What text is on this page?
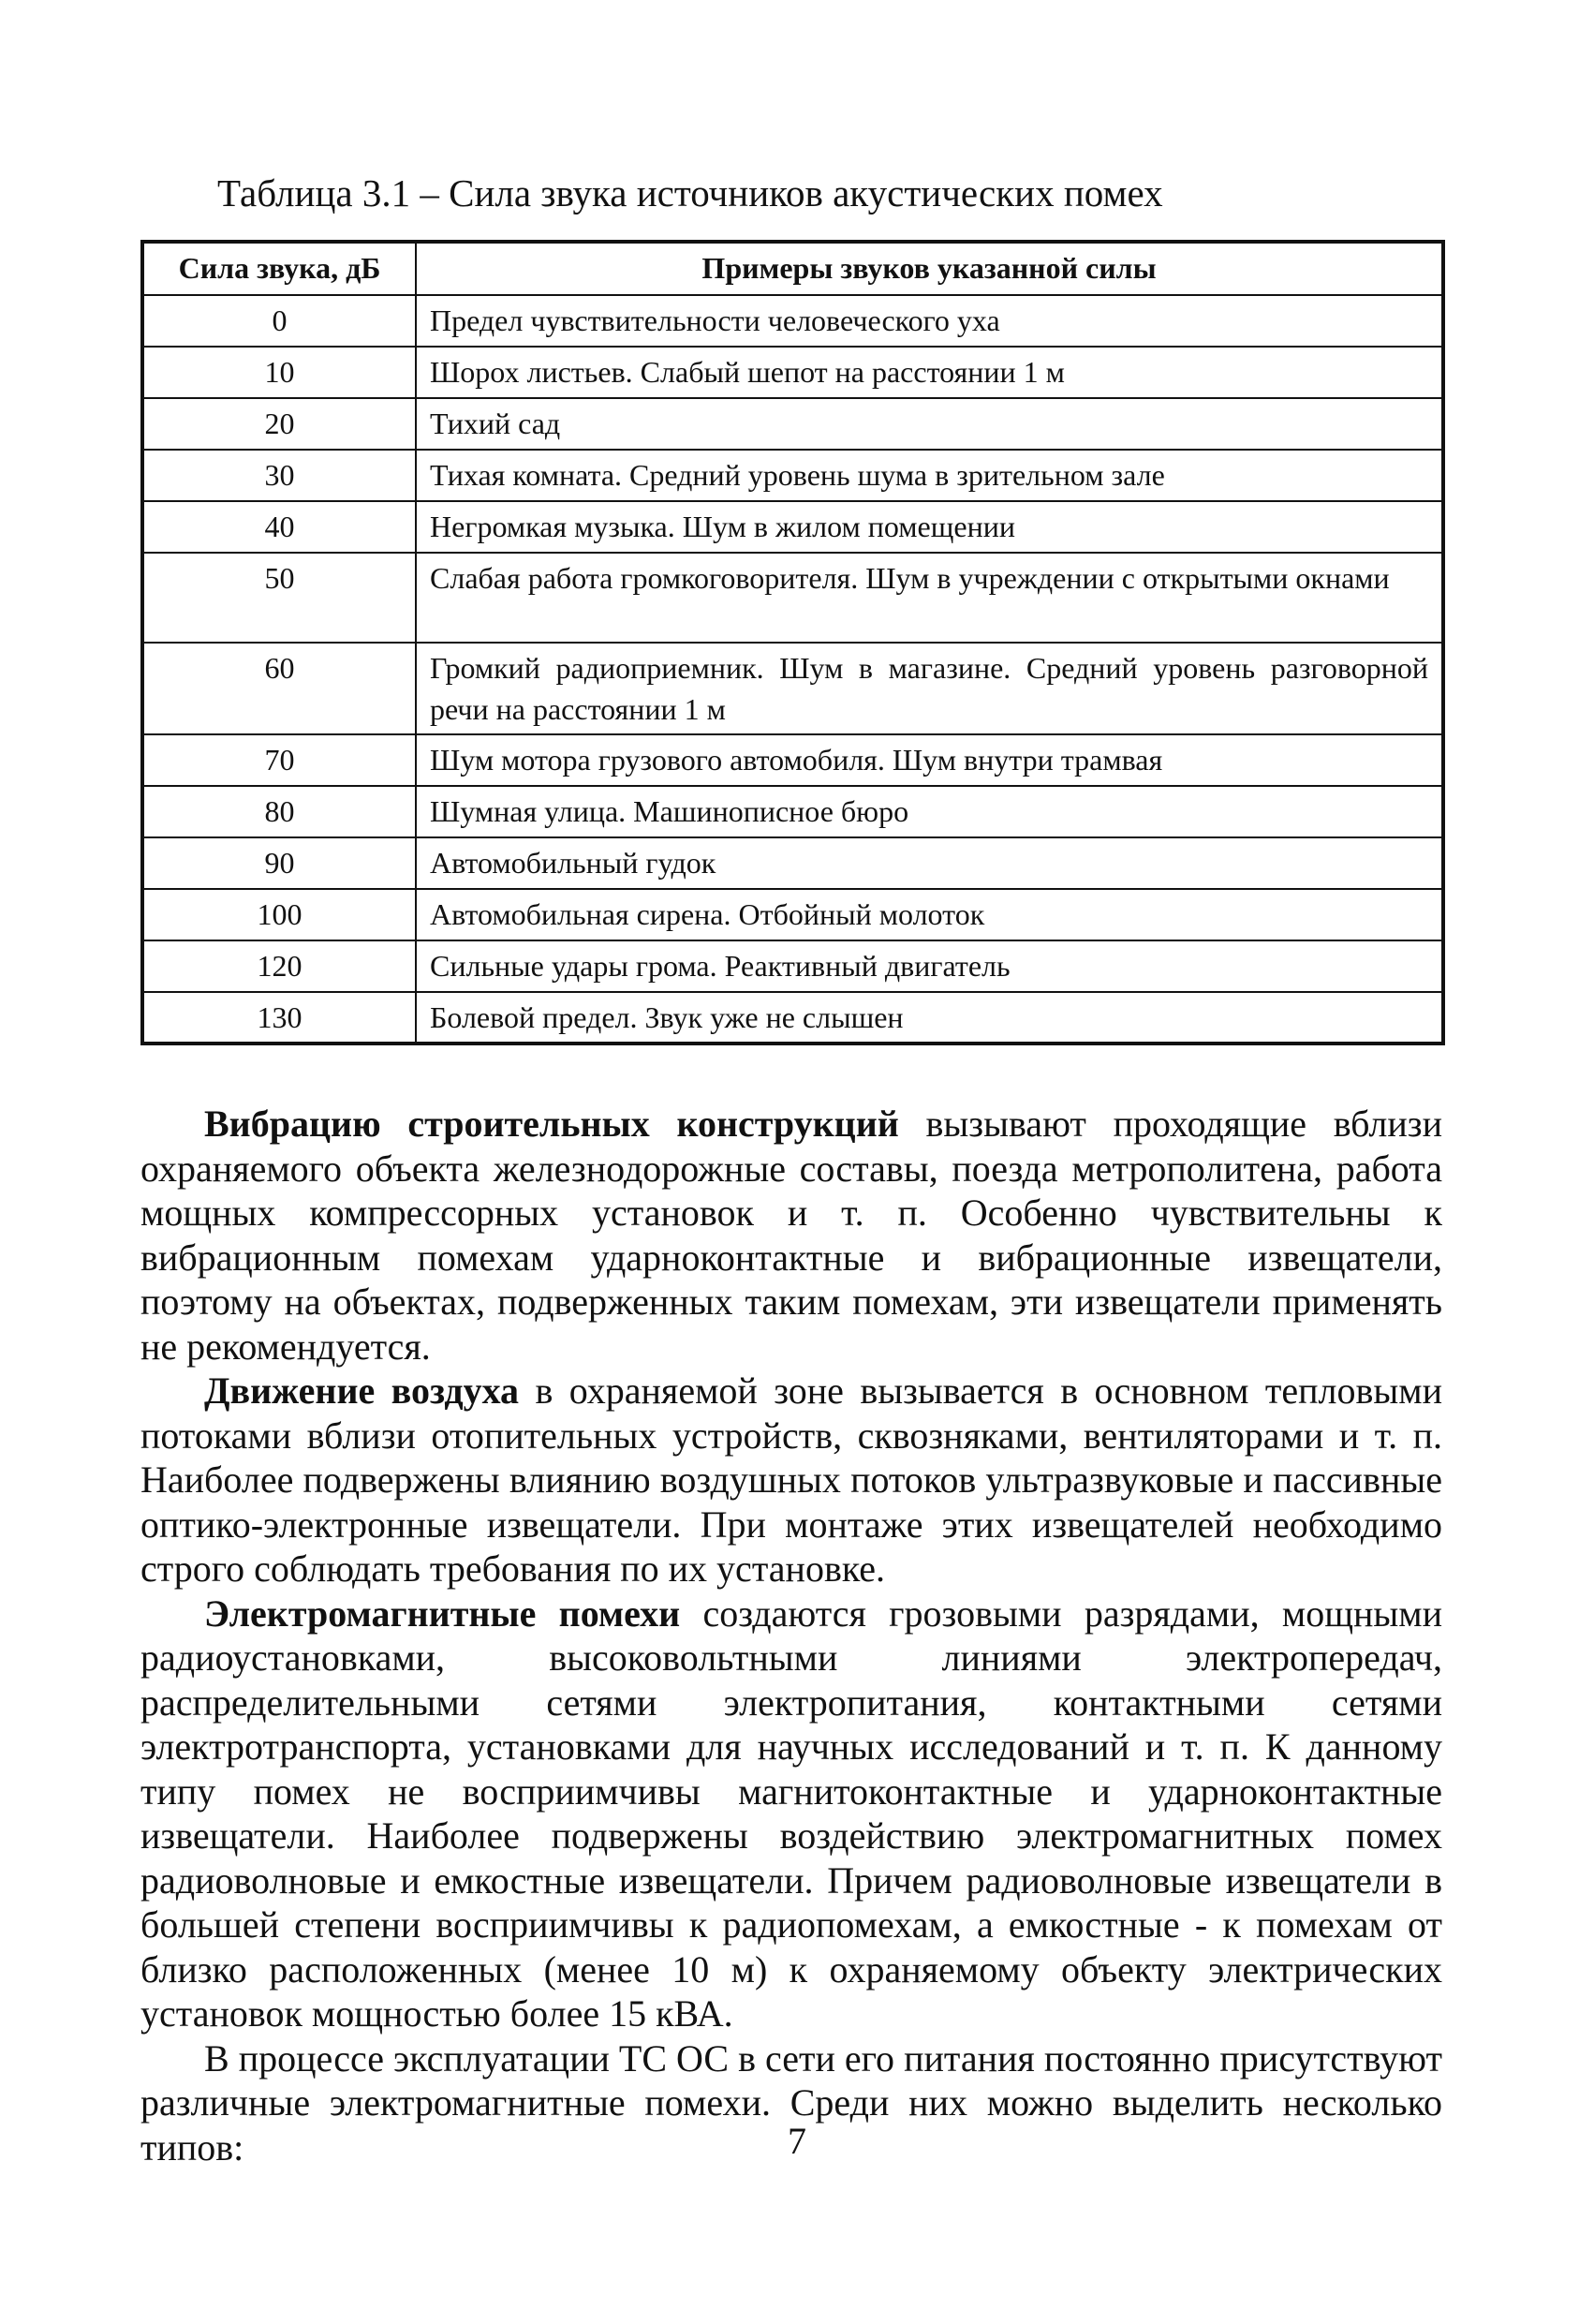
Таблица 3.1 – Сила звука источников акустических помех
Сила звука, дБ	Примеры звуков указанной силы
0	Предел чувствительности человеческого уха
10	Шорох листьев. Слабый шепот на расстоянии 1 м
20	Тихий сад
30	Тихая комната. Средний уровень шума в зрительном зале
40	Негромкая музыка. Шум в жилом помещении
50	Слабая работа громкоговорителя. Шум в учреждении с открытыми окнами
60	Громкий радиоприемник. Шум в магазине. Средний уровень разговорной речи на расстоянии 1 м
70	Шум мотора грузового автомобиля. Шум внутри трамвая
80	Шумная улица. Машинописное бюро
90	Автомобильный гудок
100	Автомобильная сирена. Отбойный молоток
120	Сильные удары грома. Реактивный двигатель
130	Болевой предел. Звук уже не слышен

Вибрацию строительных конструкций вызывают проходящие вблизи охраняемого объекта железнодорожные составы, поезда метрополитена, работа мощных компрессорных установок и т. п. Особенно чувствительны к вибрационным помехам ударноконтактные и вибрационные извещатели, поэтому на объектах, подверженных таким помехам, эти извещатели применять не рекомендуется.

Движение воздуха в охраняемой зоне вызывается в основном тепловыми потоками вблизи отопительных устройств, сквозняками, вентиляторами и т. п. Наиболее подвержены влиянию воздушных потоков ультразвуковые и пассивные оптико-электронные извещатели. При монтаже этих извещателей необходимо строго соблюдать требования по их установке.

Электромагнитные помехи создаются грозовыми разрядами, мощными радиоустановками, высоковольтными линиями электропередач, распределительными сетями электропитания, контактными сетями электротранспорта, установками для научных исследований и т. п. К данному типу помех не восприимчивы магнитоконтактные и ударноконтактные извещатели. Наиболее подвержены воздействию электромагнитных помех радиоволновые и емкостные извещатели. Причем радиоволновые извещатели в большей степени восприимчивы к радиопомехам, а емкостные - к помехам от близко расположенных (менее 10 м) к охраняемому объекту электрических установок мощностью более 15 кВА.

В процессе эксплуатации ТС ОС в сети его питания постоянно присутствуют различные электромагнитные помехи. Среди них можно выделить несколько типов:	7
